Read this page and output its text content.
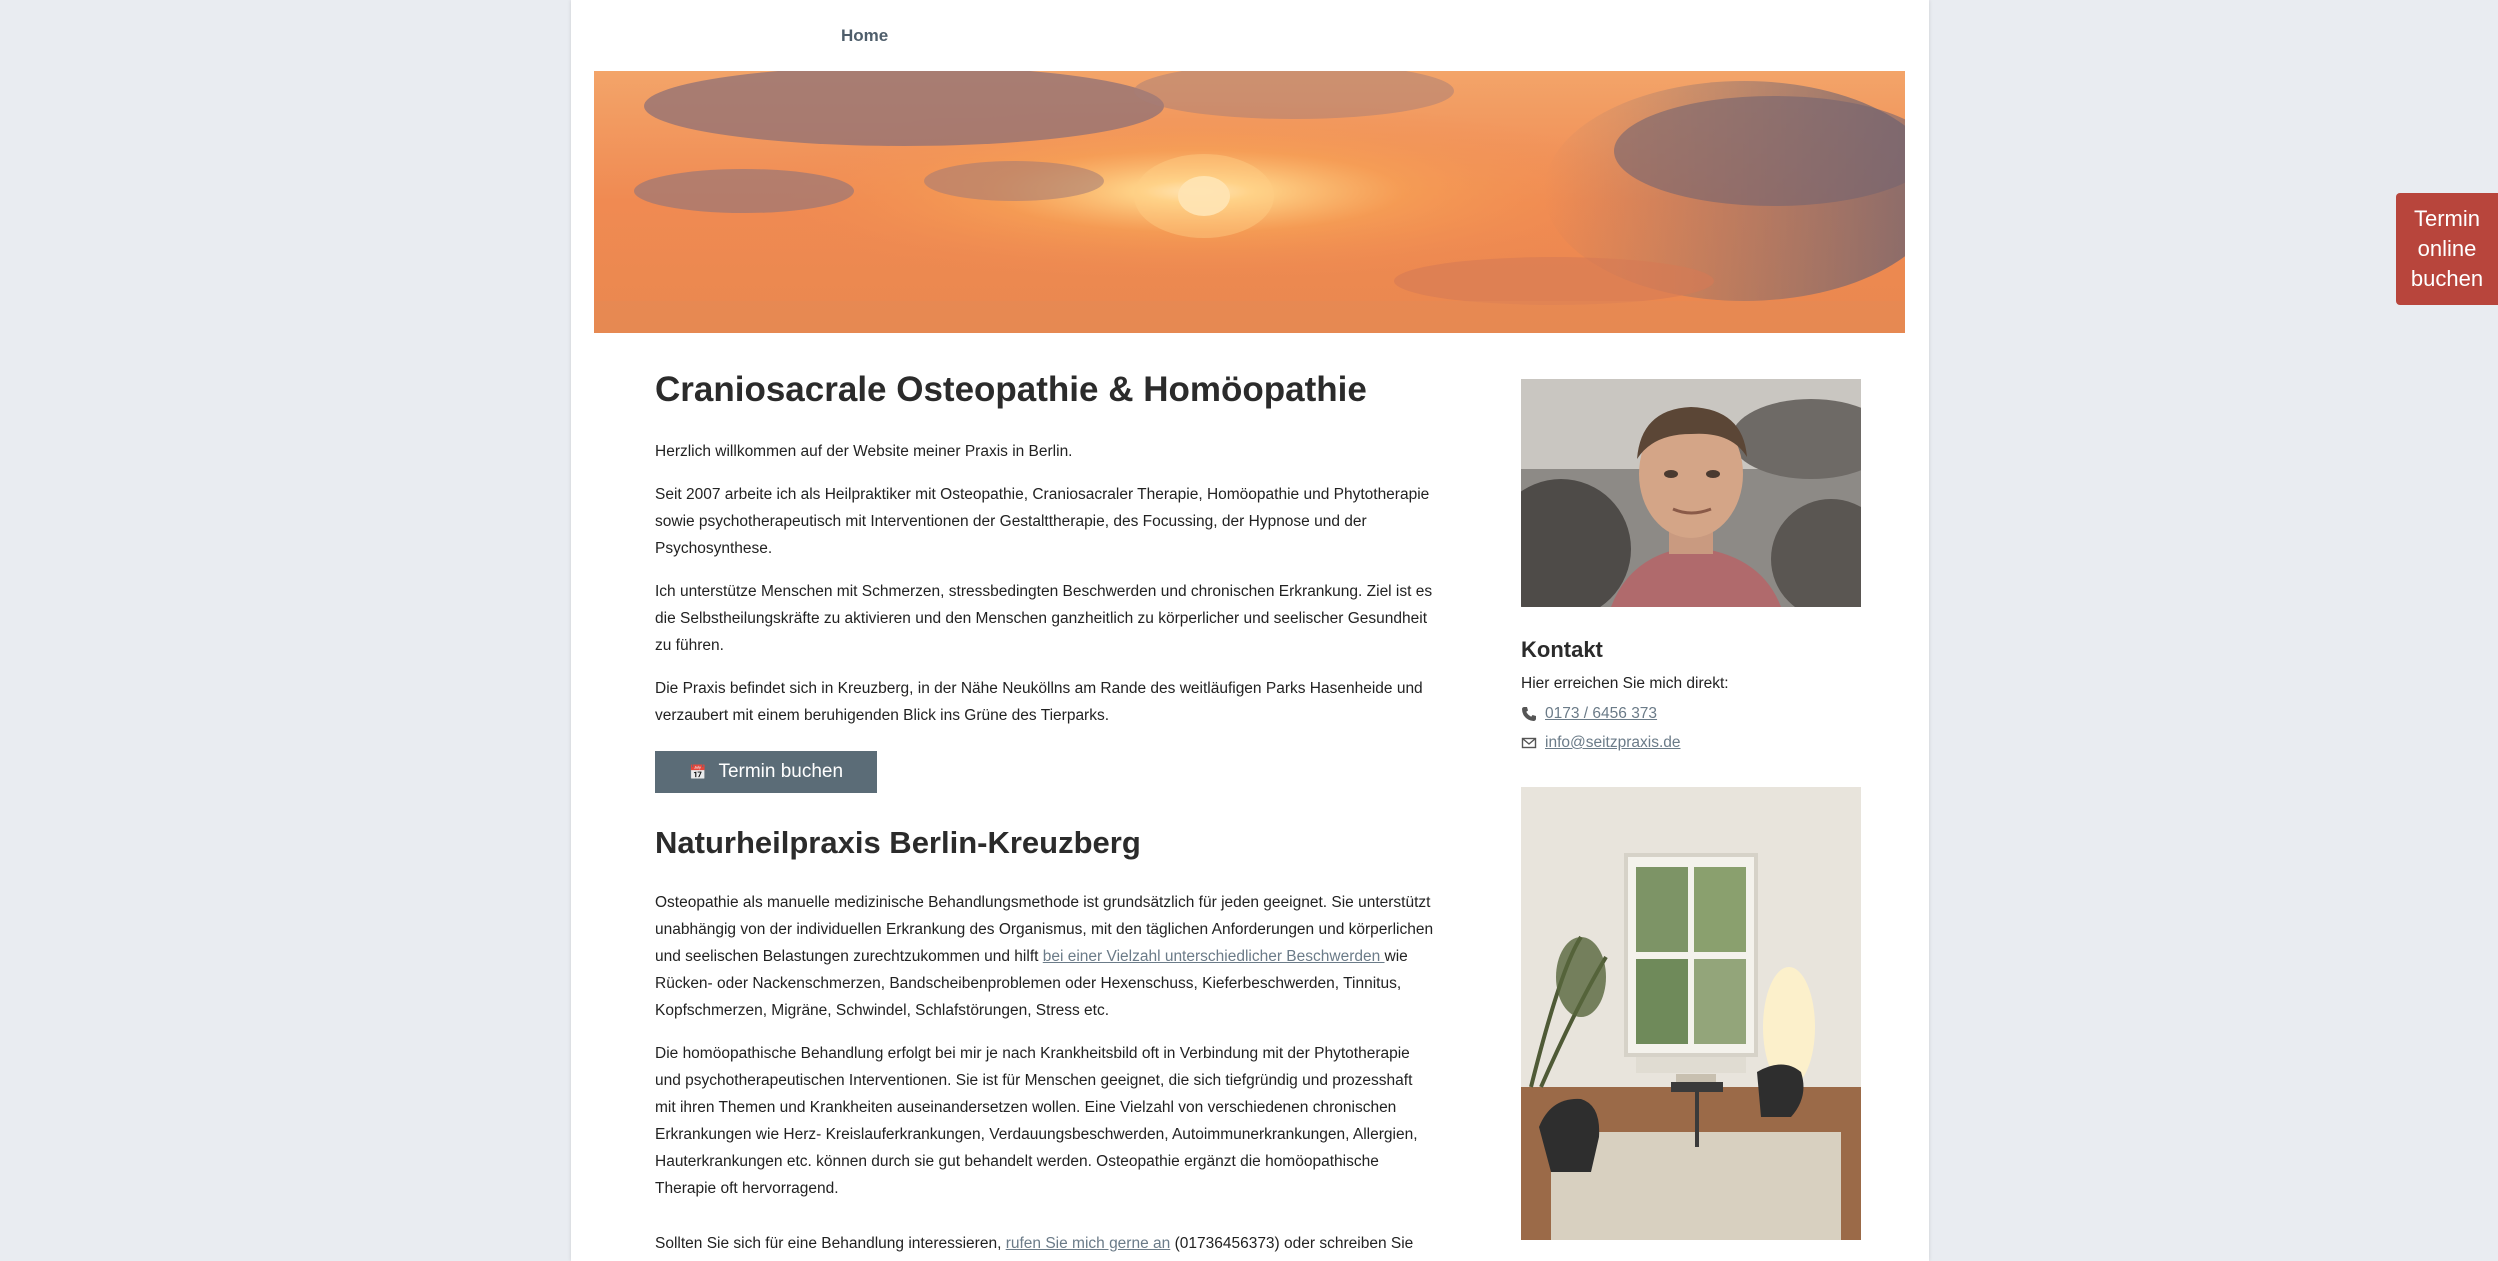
Home
Craniosacrale Osteopathie & Homöopathie

Herzlich willkommen auf der Website meiner Praxis in Berlin.

Seit 2007 arbeite ich als Heilpraktiker mit Osteopathie, Craniosacraler Therapie, Homöopathie und Phytotherapie sowie psychotherapeutisch mit Interventionen der Gestalttherapie, des Focussing, der Hypnose und der Psychosynthese.

Ich unterstütze Menschen mit Schmerzen, stressbedingten Beschwerden und chronischen Erkrankung. Ziel ist es die Selbstheilungskräfte zu aktivieren und den Menschen ganzheitlich zu körperlicher und seelischer Gesundheit zu führen.

Die Praxis befindet sich in Kreuzberg, in der Nähe Neuköllns am Rande des weitläufigen Parks Hasenheide und verzaubert mit einem beruhigenden Blick ins Grüne des Tierparks.

📅 Termin buchen
Naturheilpraxis Berlin-Kreuzberg

Osteopathie als manuelle medizinische Behandlungsmethode ist grundsätzlich für jeden geeignet. Sie unterstützt unabhängig von der individuellen Erkrankung des Organismus, mit den täglichen Anforderungen und körperlichen und seelischen Belastungen zurechtzukommen und hilft bei einer Vielzahl unterschiedlicher Beschwerden wie Rücken- oder Nackenschmerzen, Bandscheibenproblemen oder Hexenschuss, Kieferbeschwerden, Tinnitus, Kopfschmerzen, Migräne, Schwindel, Schlafstörungen, Stress etc.

Die homöopathische Behandlung erfolgt bei mir je nach Krankheitsbild oft in Verbindung mit der Phytotherapie und psychotherapeutischen Interventionen. Sie ist für Menschen geeignet, die sich tiefgründig und prozesshaft mit ihren Themen und Krankheiten auseinandersetzen wollen. Eine Vielzahl von verschiedenen chronischen Erkrankungen wie Herz- Kreislauferkrankungen, Verdauungsbeschwerden, Autoimmunerkrankungen, Allergien, Hauterkrankungen etc. können durch sie gut behandelt werden. Osteopathie ergänzt die homöopathische Therapie oft hervorragend.

Sollten Sie sich für eine Behandlung interessieren, rufen Sie mich gerne an (01736456373) oder schreiben Sie

Kontakt

Hier erreichen Sie mich direkt:

0173 / 6456 373
info@seitzpraxis.de
Termin online buchen
